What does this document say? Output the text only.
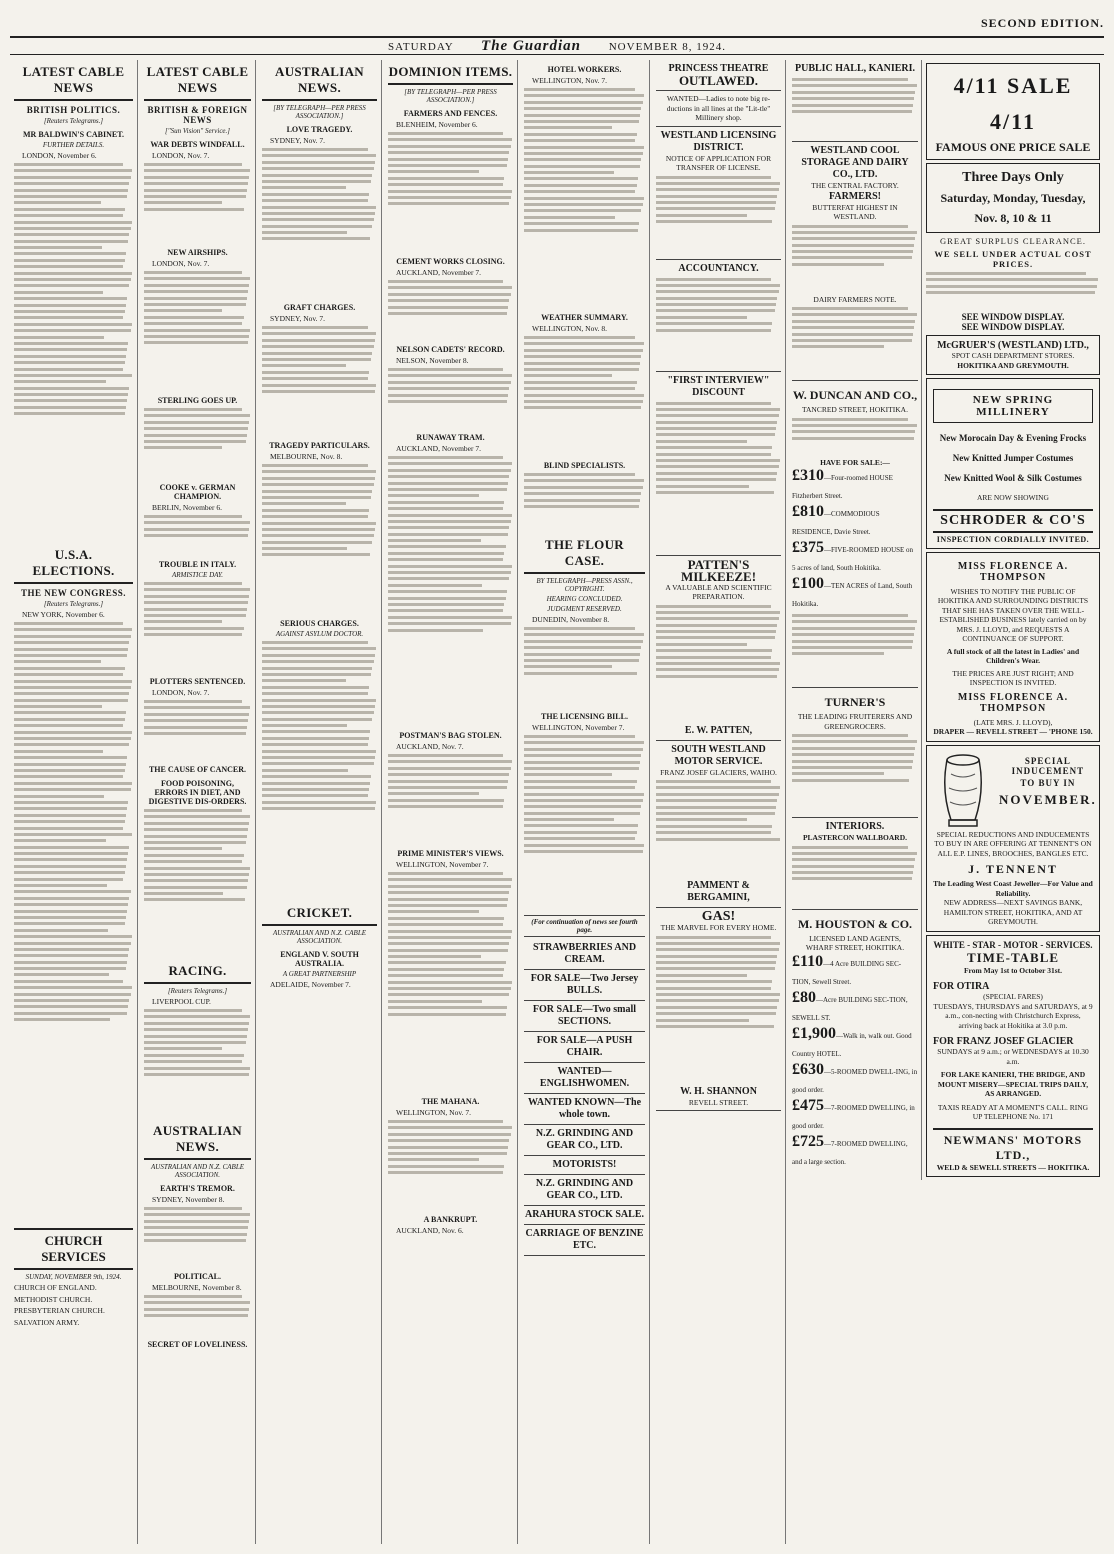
SECOND EDITION.
SATURDAY The Guardian	NOVEMBER 8, 1924.
LATEST CABLE NEWS
BRITISH POLITICS.
[Reuters Telegrams.]
MR BALDWIN'S CABINET.
FURTHER DETAILS.
LONDON, November 6.
U.S.A. ELECTIONS.
THE NEW CONGRESS.
[Reuters Telegrams.]
NEW YORK, November 6.
CHURCH SERVICES
SUNDAY, NOVEMBER 9th, 1924.
CHURCH OF ENGLAND.
METHODIST CHURCH.
PRESBYTERIAN CHURCH.
SALVATION ARMY.
LATEST CABLE NEWS
BRITISH & FOREIGN NEWS
["Sun Vision" Service.]
WAR DEBTS WINDFALL.
LONDON, Nov. 7.
NEW AIRSHIPS.
LONDON, Nov. 7.
STERLING GOES UP.
COOKE v. GERMAN CHAMPION.
BERLIN, November 6.
TROUBLE IN ITALY.
ARMISTICE DAY.
PLOTTERS SENTENCED.
LONDON, Nov. 7.
THE CAUSE OF CANCER.
FOOD POISONING, ERRORS IN DIET, AND DIGESTIVE DIS-ORDERS.
RACING.
[Reuters Telegrams.]
LIVERPOOL CUP.
AUSTRALIAN NEWS.
AUSTRALIAN AND N.Z. CABLE ASSOCIATION.
EARTH'S TREMOR.
SYDNEY, November 8.
POLITICAL.
MELBOURNE, November 8.
SECRET OF LOVELINESS.
AUSTRALIAN NEWS.
[BY TELEGRAPH—PER PRESS ASSOCIATION.]
LOVE TRAGEDY.
SYDNEY, Nov. 7.
GRAFT CHARGES.
SYDNEY, Nov. 7.
TRAGEDY PARTICULARS.
MELBOURNE, Nov. 8.
SERIOUS CHARGES.
AGAINST ASYLUM DOCTOR.
CRICKET.
AUSTRALIAN AND N.Z. CABLE ASSOCIATION.
ENGLAND V. SOUTH AUSTRALIA.
A GREAT PARTNERSHIP
ADELAIDE, November 7.
DOMINION ITEMS.
[BY TELEGRAPH—PER PRESS ASSOCIATION.]
FARMERS AND FENCES.
BLENHEIM, November 6.
CEMENT WORKS CLOSING.
AUCKLAND, November 7.
NELSON CADETS' RECORD.
NELSON, November 8.
RUNAWAY TRAM.
AUCKLAND, November 7.
POSTMAN'S BAG STOLEN.
AUCKLAND, Nov. 7.
PRIME MINISTER'S VIEWS.
WELLINGTON, November 7.
THE MAHANA.
WELLINGTON, Nov. 7.
A BANKRUPT.
AUCKLAND, Nov. 6.
HOTEL WORKERS.
WELLINGTON, Nov. 7.
WEATHER SUMMARY.
WELLINGTON, Nov. 8.
BLIND SPECIALISTS.
THE FLOUR CASE.
BY TELEGRAPH—PRESS ASSN., COPYRIGHT.
HEARING CONCLUDED.
JUDGMENT RESERVED.
DUNEDIN, November 8.
THE LICENSING BILL.
WELLINGTON, November 7.
(For continuation of news see fourth page.
STRAWBERRIES AND CREAM.
FOR SALE—Two Jersey BULLS.
FOR SALE—Two small SECTIONS.
FOR SALE—A PUSH CHAIR.
WANTED—ENGLISHWOMEN.
WANTED KNOWN—The whole town.
N.Z. GRINDING AND GEAR CO., LTD.
MOTORISTS!
N.Z. GRINDING AND GEAR CO., LTD.
ARAHURA STOCK SALE.
CARRIAGE OF BENZINE ETC.
PRINCESS THEATRE
OUTLAWED.
WANTED—Ladies to note big re-ductions in all lines at the "Lit-tle" Millinery shop.
WESTLAND LICENSING DISTRICT.
NOTICE OF APPLICATION FOR TRANSFER OF LICENSE.
ACCOUNTANCY.
"FIRST INTERVIEW" DISCOUNT
PATTEN'S MILKEEZE!
A VALUABLE AND SCIENTIFIC PREPARATION.
E. W. PATTEN,
SOUTH WESTLAND MOTOR SERVICE.
FRANZ JOSEF GLACIERS, WAIHO.
PAMMENT & BERGAMINI,
GAS!
THE MARVEL FOR EVERY HOME.
W. H. SHANNON
REVELL STREET.
PUBLIC HALL, KANIERI.
WESTLAND COOL STORAGE AND DAIRY CO., LTD.
THE CENTRAL FACTORY.
FARMERS!
BUTTERFAT HIGHEST IN WESTLAND.
DAIRY FARMERS NOTE.
W. DUNCAN AND CO.,
TANCRED STREET, HOKITIKA.
HAVE FOR SALE:—
£310—Four-roomed HOUSE Fitzherbert Street.
£810—COMMODIOUS RESIDENCE, Davie Street.
£375—FIVE-ROOMED HOUSE on 5 acres of land, South Hokitika.
£100—TEN ACRES of Land, South Hokitika.
TURNER'S
THE LEADING FRUITERERS AND GREENGROCERS.
INTERIORS.
PLASTERCON WALLBOARD.
M. HOUSTON & CO.
LICENSED LAND AGENTS,
WHARF STREET, HOKITIKA.
£110—4 Acre BUILDING SEC-TION, Sewell Street.
£80—Acre BUILDING SEC-TION, SEWELL ST.
£1,900—Walk in, walk out. Good Country HOTEL.
£630—5-ROOMED DWELL-ING, in good order.
£475—7-ROOMED DWELLING, in good order.
£725—7-ROOMED DWELLING, and a large section.
4/11 SALE 4/11
FAMOUS ONE PRICE SALE
Three Days Only
Saturday, Monday, Tuesday,
Nov. 8, 10 & 11
GREAT SURPLUS CLEARANCE.
WE SELL UNDER ACTUAL COST PRICES.
SEE WINDOW DISPLAY.
SEE WINDOW DISPLAY.
McGRUER'S (WESTLAND) LTD.,
SPOT CASH DEPARTMENT STORES.
HOKITIKA AND GREYMOUTH.
NEW SPRING MILLINERY
New Morocain Day & Evening Frocks
New Knitted Jumper Costumes
New Knitted Wool & Silk Costumes
ARE NOW SHOWING
SCHRODER & CO'S
INSPECTION CORDIALLY INVITED.
MISS FLORENCE A. THOMPSON
WISHES TO NOTIFY THE PUBLIC OF HOKITIKA AND SURROUNDING DISTRICTS THAT SHE HAS TAKEN OVER THE WELL-ESTABLISHED BUSINESS lately carried on by MRS. J. LLOYD, and REQUESTS A CONTINUANCE OF SUPPORT.
A full stock of all the latest in Ladies' and Children's Wear.
THE PRICES ARE JUST RIGHT; AND INSPECTION IS INVITED.
MISS FLORENCE A. THOMPSON
(LATE MRS. J. LLOYD),
DRAPER — REVELL STREET — 'PHONE 150.
SPECIAL INDUCEMENT
TO BUY IN
NOVEMBER.
SPECIAL REDUCTIONS AND INDUCEMENTS TO BUY IN ARE OFFERING AT TENNENT'S ON ALL E.P. LINES, BROOCHES, BANGLES ETC.
J. TENNENT
The Leading West Coast Jeweller—For Value and Reliability.
NEW ADDRESS—NEXT SAVINGS BANK, HAMILTON STREET, HOKITIKA, AND AT GREYMOUTH.
WHITE - STAR - MOTOR - SERVICES.
TIME-TABLE
From May 1st to October 31st.
FOR OTIRA
(SPECIAL FARES)
TUESDAYS, THURSDAYS and SATURDAYS, at 9 a.m., con-necting with Christchurch Express, arriving back at Hokitika at 3.0 p.m.
FOR FRANZ JOSEF GLACIER
SUNDAYS at 9 a.m.; or WEDNESDAYS at 10.30 a.m.
FOR LAKE KANIERI, THE BRIDGE, AND MOUNT MISERY—SPECIAL TRIPS DAILY, AS ARRANGED.
TAXIS READY AT A MOMENT'S CALL. RING UP TELEPHONE No. 171
NEWMANS' MOTORS LTD.,
WELD & SEWELL STREETS — HOKITIKA.
